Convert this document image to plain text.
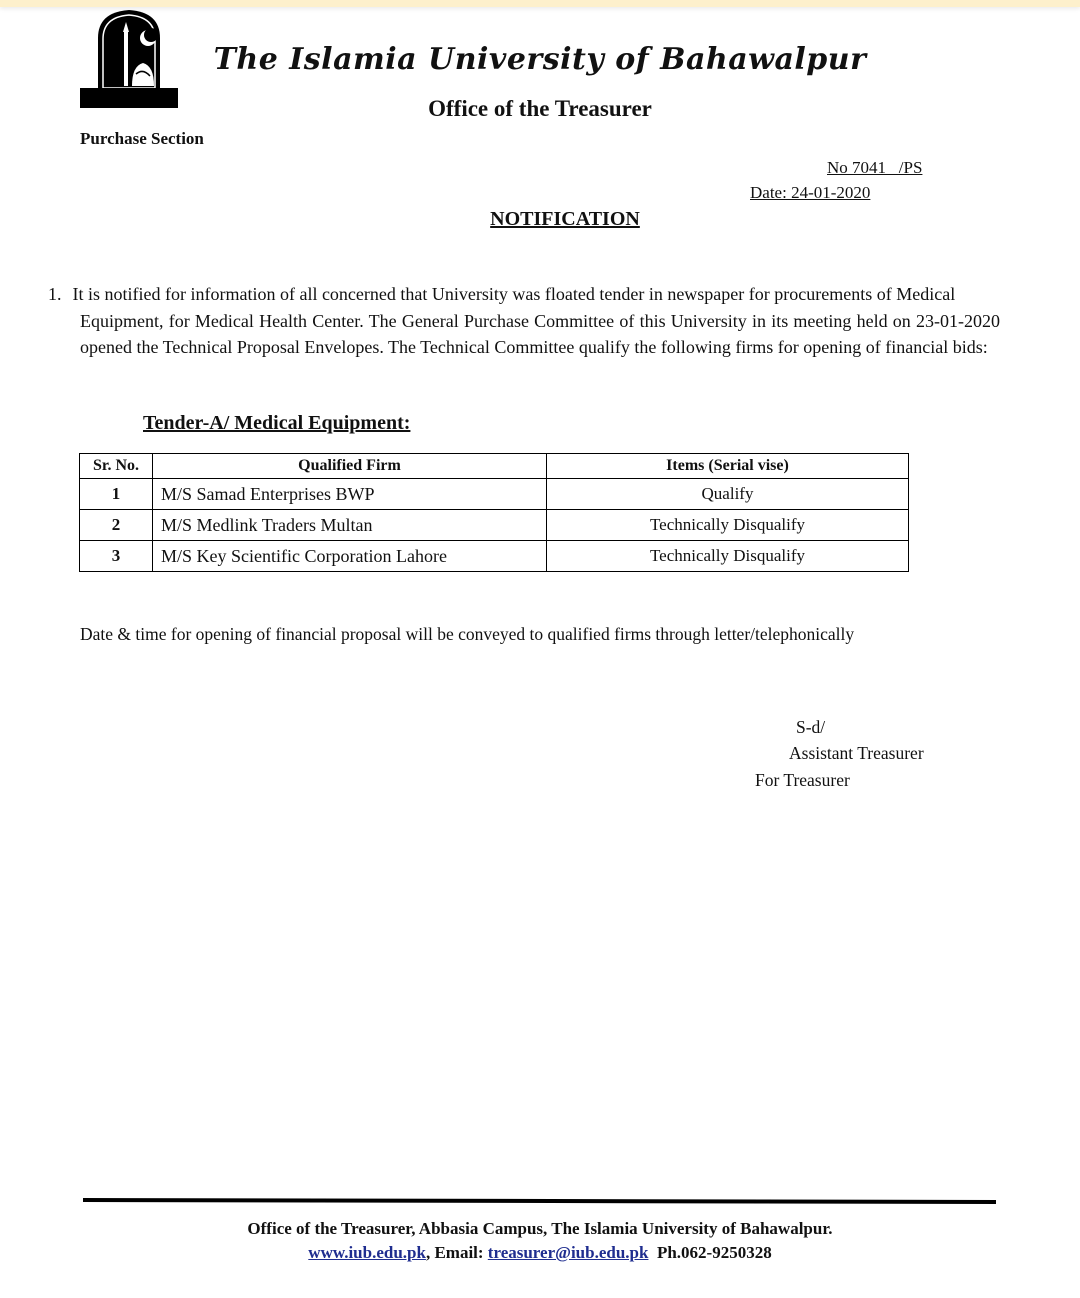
The Islamia University of Bahawalpur
Office of the Treasurer
Purchase Section
No 7041   /PS
Date: 24-01-2020
NOTIFICATION
1. It is notified for information of all concerned that University was floated tender in newspaper for procurements of Medical
Equipment, for Medical Health Center. The General Purchase Committee of this University in its meeting held on 23-01-2020 opened the Technical Proposal Envelopes. The Technical Committee qualify the following firms for opening of financial bids:
Tender-A/ Medical Equipment:
Sr. No.	Qualified Firm	Items (Serial vise)
1	M/S Samad Enterprises BWP	Qualify
2	M/S Medlink Traders Multan	Technically Disqualify
3	M/S Key Scientific Corporation Lahore	Technically Disqualify
Date & time for opening of financial proposal will be conveyed to qualified firms through letter/telephonically
S-d/
Assistant Treasurer
For Treasurer
Office of the Treasurer, Abbasia Campus, The Islamia University of Bahawalpur.
www.iub.edu.pk, Email: treasurer@iub.edu.pk  Ph.062-9250328
